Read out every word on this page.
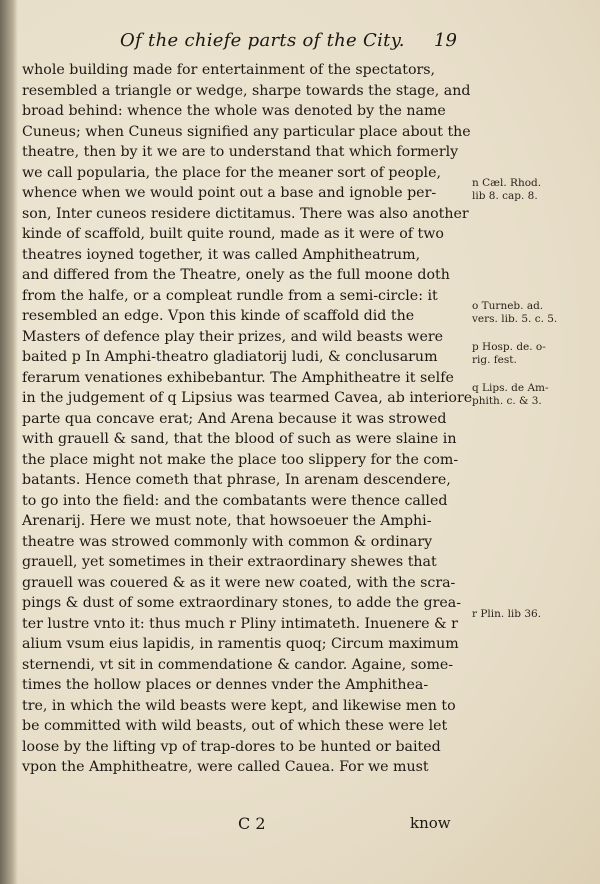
Of the chiefe parts of the City.	19
whole building made for entertainment of the spectators,
resembled a triangle or wedge, sharpe towards the stage, and
broad behind: whence the whole was denoted by the name
Cuneus; when Cuneus signified any particular place about the
theatre, then by it we are to understand that which formerly
we call popularia, the place for the meaner sort of people,
whence when we would point out a base and ignoble per-
son, Inter cuneos residere dictitamus. There was also another
kinde of scaffold, built quite round, made as it were of two
theatres ioyned together, it was called Amphitheatrum,
and differed from the Theatre, onely as the full moone doth
from the halfe, or a compleat rundle from a semi-circle: it
resembled an edge. Vpon this kinde of scaffold did the
Masters of defence play their prizes, and wild beasts were
baited p In Amphi-theatro gladiatorij ludi, & conclusarum
ferarum venationes exhibebantur. The Amphitheatre it selfe
in the judgement of q Lipsius was tearmed Cavea, ab interiore
parte qua concave erat; And Arena because it was strowed
with grauell & sand, that the blood of such as were slaine in
the place might not make the place too slippery for the com-
batants. Hence cometh that phrase, In arenam descendere,
to go into the field: and the combatants were thence called
Arenarij. Here we must note, that howsoeuer the Amphi-
theatre was strowed commonly with common & ordinary
grauell, yet sometimes in their extraordinary shewes that
grauell was couered & as it were new coated, with the scra-
pings & dust of some extraordinary stones, to adde the grea-
ter lustre vnto it: thus much r Pliny intimateth. Inuenere & r
alium vsum eius lapidis, in ramentis quoq; Circum maximum
sternendi, vt sit in commendatione & candor. Againe, some-
times the hollow places or dennes vnder the Amphithea-
tre, in which the wild beasts were kept, and likewise men to
be committed with wild beasts, out of which these were let
loose by the lifting vp of trap-dores to be hunted or baited
vpon the Amphitheatre, were called Cauea. For we must
n Cæl. Rhod.
lib 8. cap. 8.
o Turneb. ad.
vers. lib. 5. c. 5.
p Hosp. de. o-
rig. fest.
q Lips. de Am-
phith. c. & 3.
r Plin. lib 36.
C 2	know
